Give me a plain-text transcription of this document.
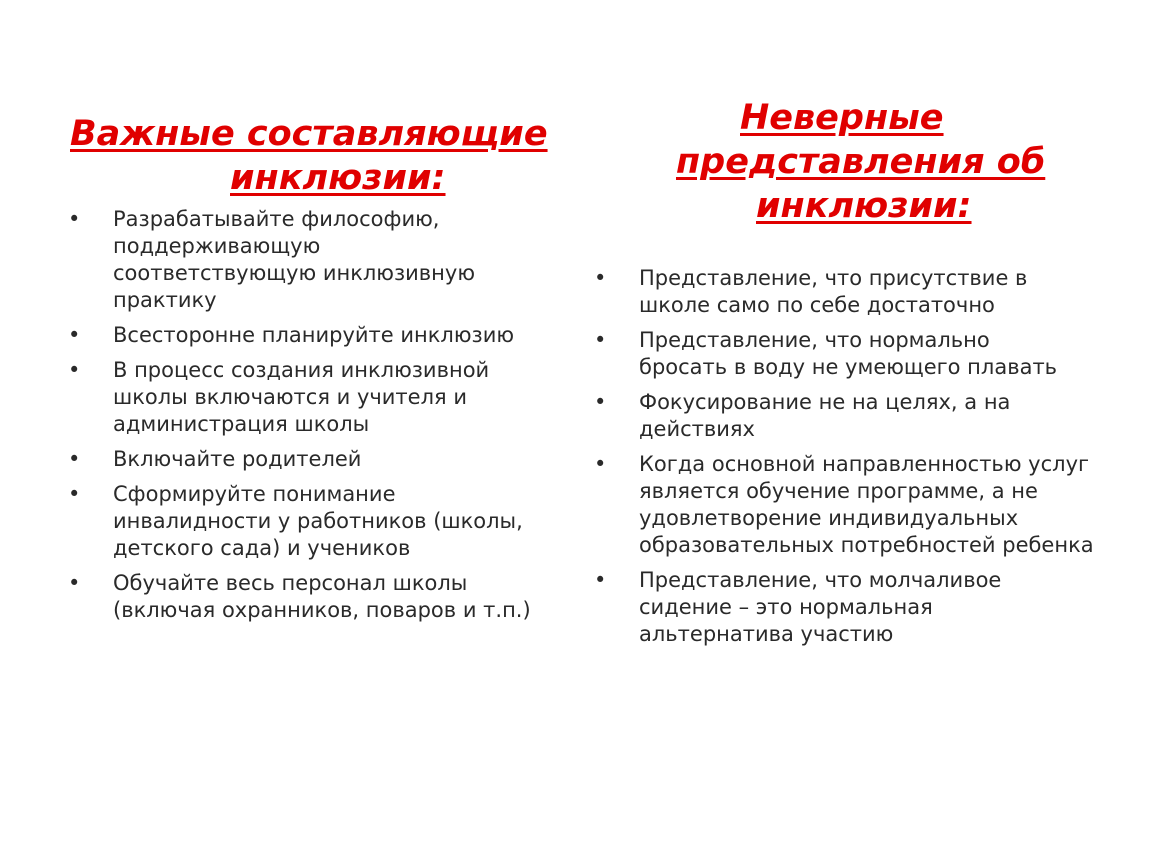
Важные составляющие
инклюзии:
• Разрабатывайте философию, поддерживающую соответствующую инклюзивную практику
• Всесторонне планируйте инклюзию
• В процесс создания инклюзивной школы включаются и учителя и администрация школы
• Включайте родителей
• Сформируйте понимание инвалидности у работников (школы, детского сада) и учеников
• Обучайте весь персонал школы (включая охранников, поваров и т.п.)
Неверные
представления об
инклюзии:
• Представление, что присутствие в школе само по себе достаточно
• Представление, что нормально бросать в воду не умеющего плавать
• Фокусирование не на целях, а на действиях
• Когда основной направленностью услуг является обучение программе, а не удовлетворение индивидуальных образовательных потребностей ребенка
• Представление, что молчаливое сидение – это нормальная альтернатива участию
